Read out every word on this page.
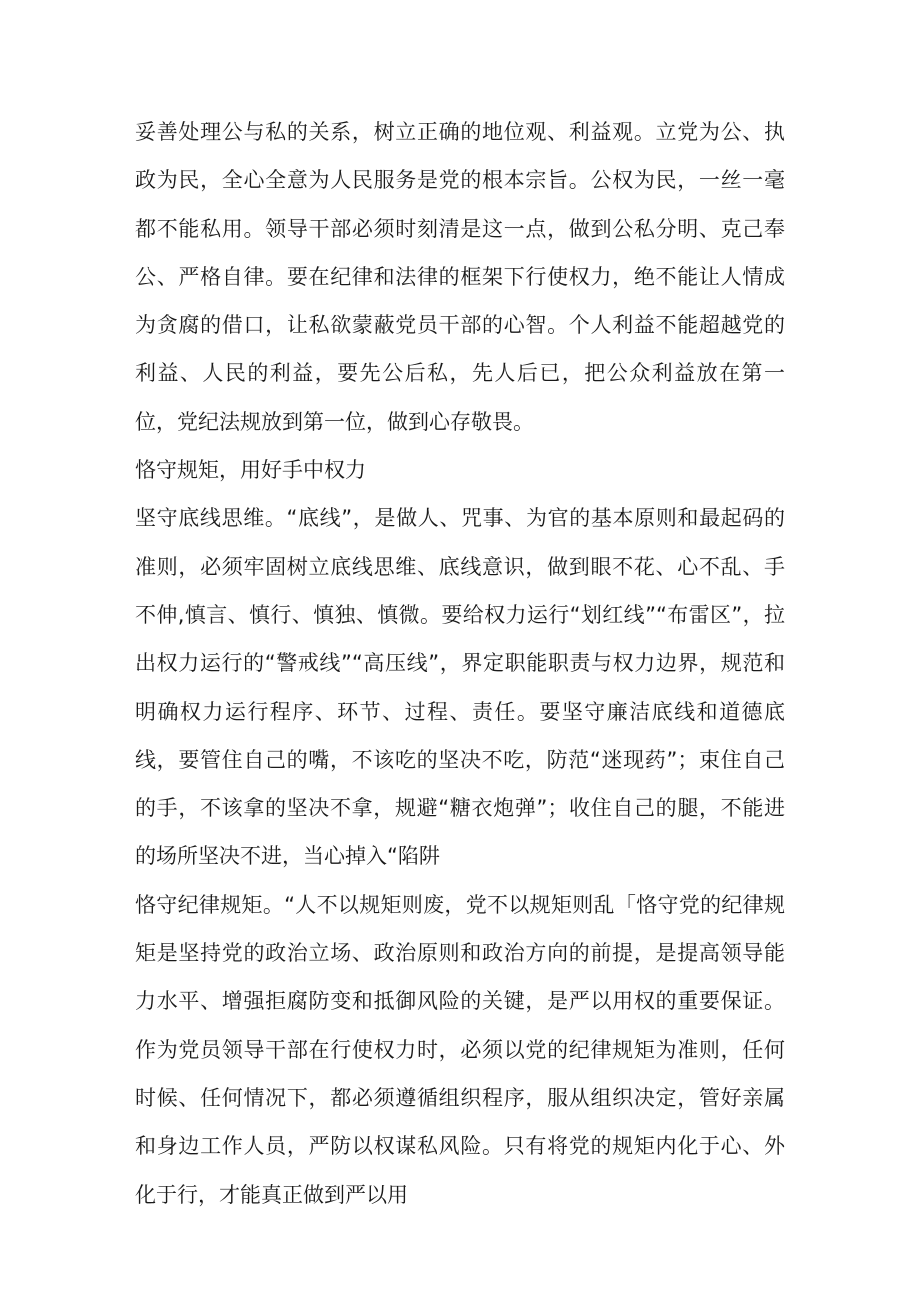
妥善处理公与私的关系，树立正确的地位观、利益观。立党为公、执政为民，全心全意为人民服务是党的根本宗旨。公权为民，一丝一毫都不能私用。领导干部必须时刻清是这一点，做到公私分明、克己奉公、严格自律。要在纪律和法律的框架下行使权力，绝不能让人情成为贪腐的借口，让私欲蒙蔽党员干部的心智。个人利益不能超越党的利益、人民的利益，要先公后私，先人后已，把公众利益放在第一位，党纪法规放到第一位，做到心存敬畏。

恪守规矩，用好手中权力

坚守底线思维。“底线”，是做人、咒事、为官的基本原则和最起码的准则，必须牢固树立底线思维、底线意识，做到眼不花、心不乱、手不伸,慎言、慎行、慎独、慎微。要给权力运行“划红线”“布雷区”，拉出权力运行的“警戒线”“高压线”，界定职能职责与权力边界，规范和明确权力运行程序、环节、过程、责任。要坚守廉洁底线和道德底线，要管住自己的嘴，不该吃的坚决不吃，防范“迷现药”；束住自己的手，不该拿的坚决不拿，规避“糖衣炮弹”；收住自己的腿，不能进的场所坚决不进，当心掉入“陷阱

恪守纪律规矩。“人不以规矩则废，党不以规矩则乱「恪守党的纪律规矩是坚持党的政治立场、政治原则和政治方向的前提，是提高领导能力水平、增强拒腐防变和抵御风险的关键，是严以用权的重要保证。作为党员领导干部在行使权力时，必须以党的纪律规矩为准则，任何时候、任何情况下，都必须遵循组织程序，服从组织决定，管好亲属和身边工作人员，严防以权谋私风险。只有将党的规矩内化于心、外化于行，才能真正做到严以用
